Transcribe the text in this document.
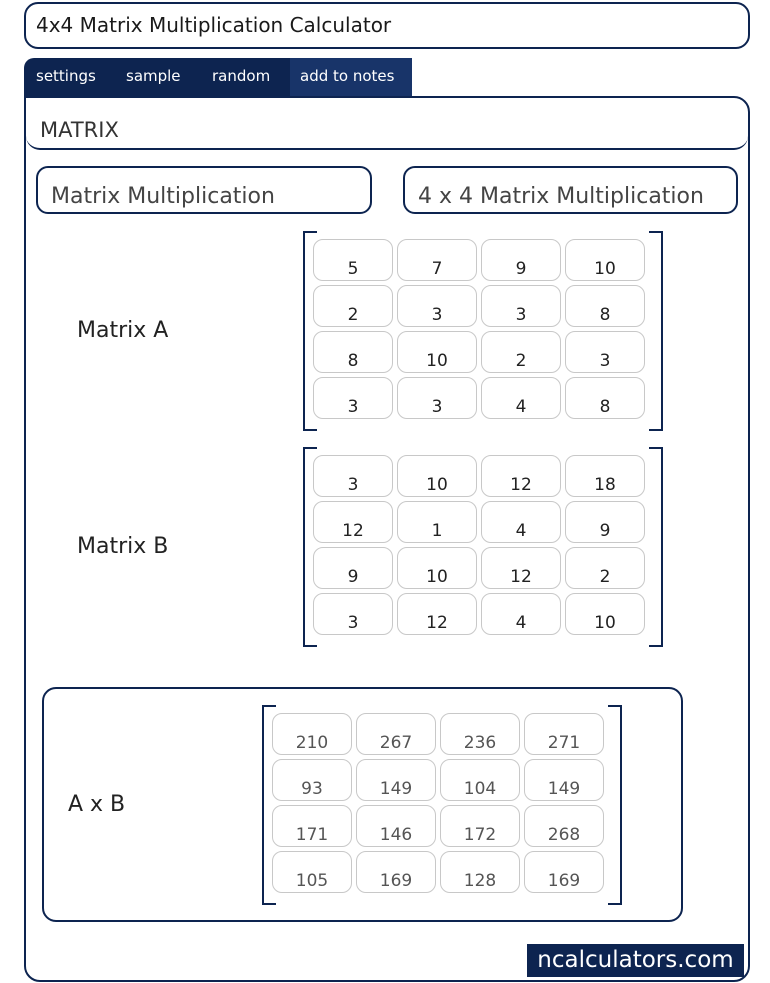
4x4 Matrix Multiplication Calculator
settings	sample	random	add to notes
MATRIX
Matrix Multiplication	4 x 4 Matrix Multiplication
Matrix A
5	7	9	10
2	3	3	8
8	10	2	3
3	3	4	8
Matrix B
3	10	12	18
12	1	4	9
9	10	12	2
3	12	4	10
A x B
210	267	236	271
93	149	104	149
171	146	172	268
105	169	128	169
ncalculators.com
